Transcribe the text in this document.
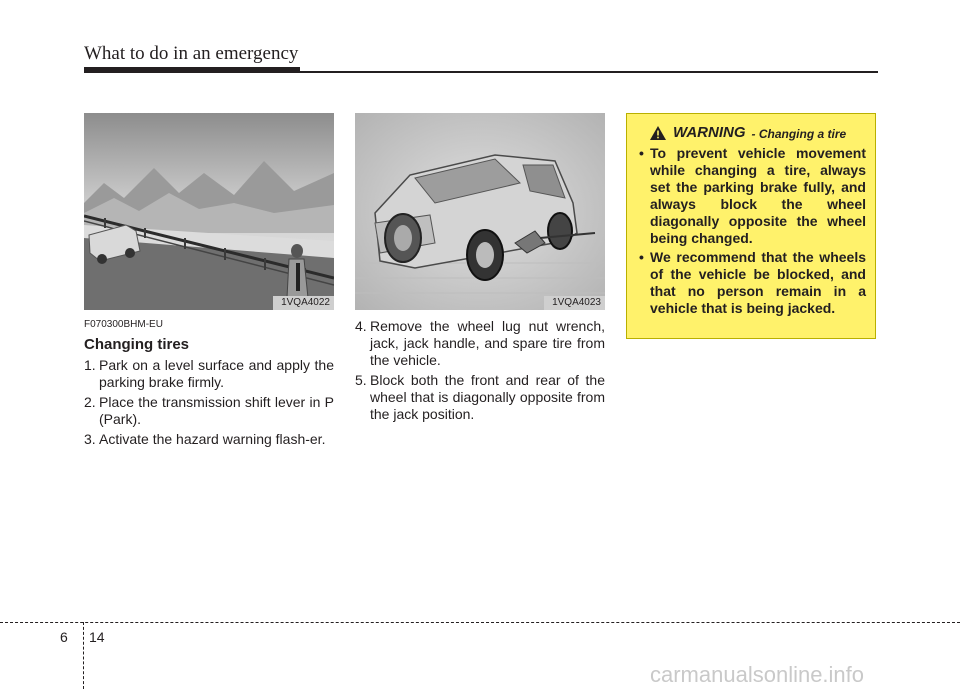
What to do in an emergency
1VQA4022	1VQA4023
F070300BHM-EU
Changing tires
1. Park on a level surface and apply the parking brake firmly.
2. Place the transmission shift lever in P (Park).
3. Activate the hazard warning flash-er.
4. Remove the wheel lug nut wrench, jack, jack handle, and spare tire from the vehicle.
5. Block both the front and rear of the wheel that is diagonally opposite from the jack position.
WARNING - Changing a tire
• To prevent vehicle movement while changing a tire, always set the parking brake fully, and always block the wheel diagonally opposite the wheel being changed.
• We recommend that the wheels of the vehicle be blocked, and that no person remain in a vehicle that is being jacked.
6 14
carmanualsonline.info
